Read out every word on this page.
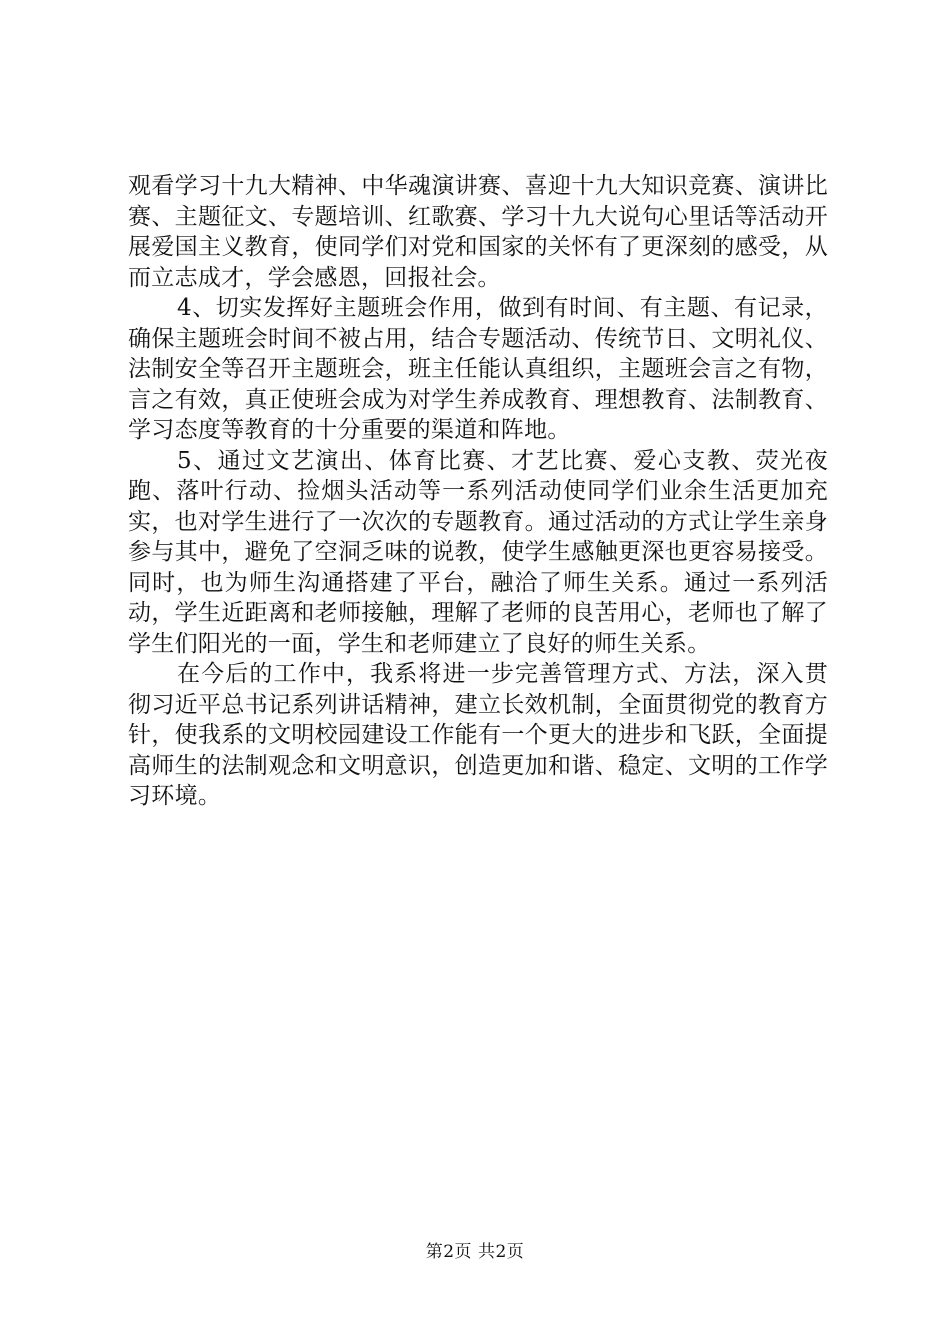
观看学习十九大精神、中华魂演讲赛、喜迎十九大知识竞赛、演讲比赛、主题征文、专题培训、红歌赛、学习十九大说句心里话等活动开展爱国主义教育，使同学们对党和国家的关怀有了更深刻的感受，从而立志成才，学会感恩，回报社会。

4、切实发挥好主题班会作用，做到有时间、有主题、有记录，确保主题班会时间不被占用，结合专题活动、传统节日、文明礼仪、法制安全等召开主题班会，班主任能认真组织，主题班会言之有物，言之有效，真正使班会成为对学生养成教育、理想教育、法制教育、学习态度等教育的十分重要的渠道和阵地。

5、通过文艺演出、体育比赛、才艺比赛、爱心支教、荧光夜跑、落叶行动、捡烟头活动等一系列活动使同学们业余生活更加充实，也对学生进行了一次次的专题教育。通过活动的方式让学生亲身参与其中，避免了空洞乏味的说教，使学生感触更深也更容易接受。同时，也为师生沟通搭建了平台，融洽了师生关系。通过一系列活动，学生近距离和老师接触，理解了老师的良苦用心，老师也了解了学生们阳光的一面，学生和老师建立了良好的师生关系。

在今后的工作中，我系将进一步完善管理方式、方法，深入贯彻习近平总书记系列讲话精神，建立长效机制，全面贯彻党的教育方针，使我系的文明校园建设工作能有一个更大的进步和飞跃，全面提高师生的法制观念和文明意识，创造更加和谐、稳定、文明的工作学习环境。

第2页 共2页
